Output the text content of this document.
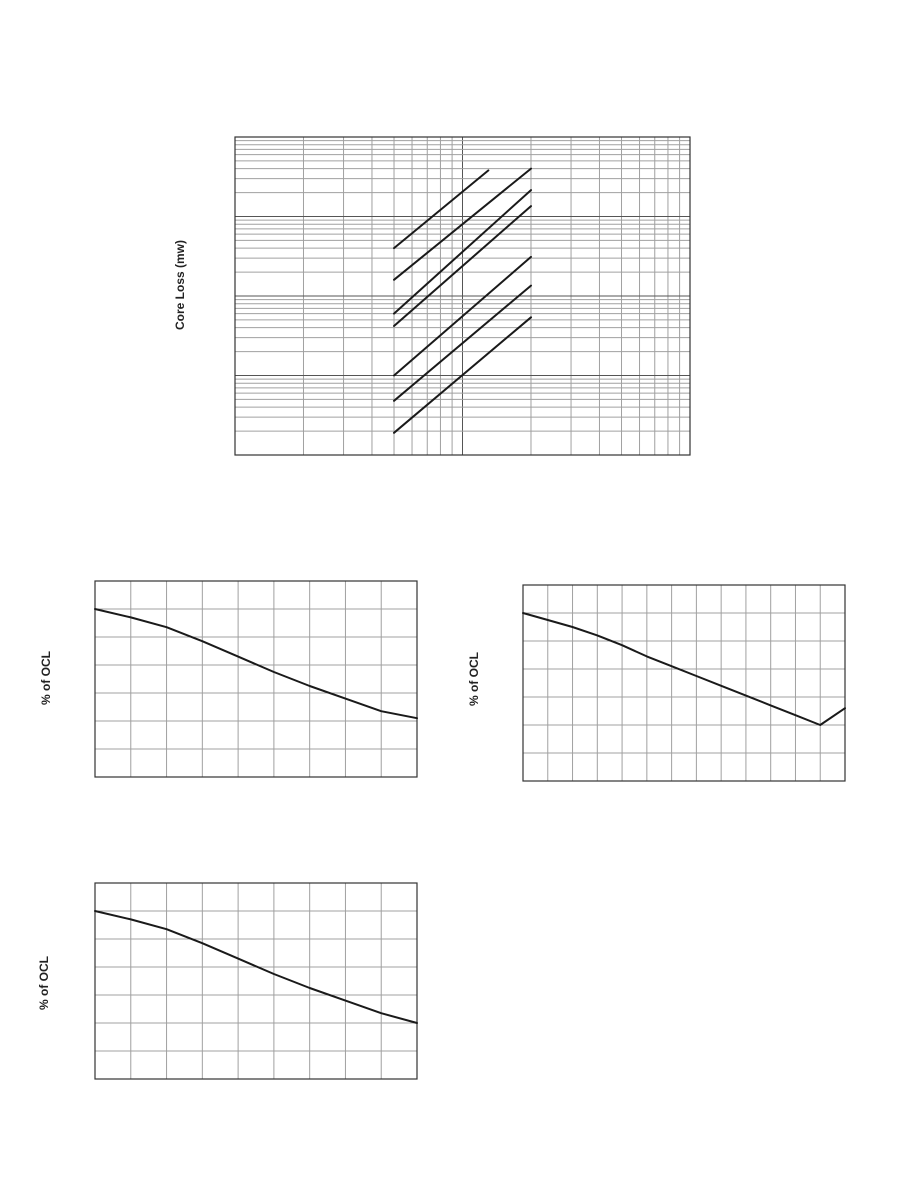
Core Loss (mw)
% of OCL	% of OCL
% of OCL
